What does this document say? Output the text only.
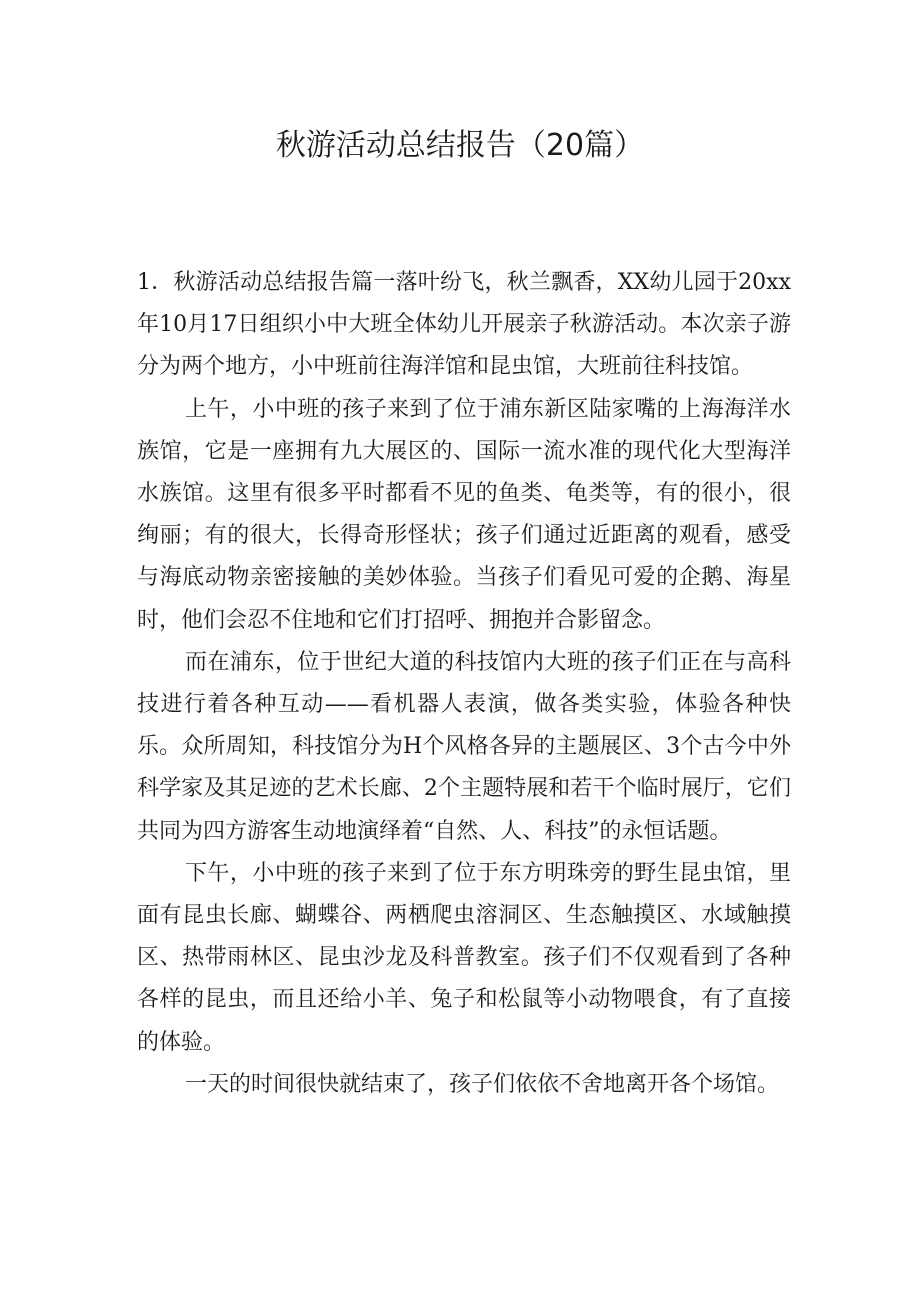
秋游活动总结报告（20篇）

1．秋游活动总结报告篇一落叶纷飞，秋兰飘香，XX幼儿园于20xx年10月17日组织小中大班全体幼儿开展亲子秋游活动。本次亲子游分为两个地方，小中班前往海洋馆和昆虫馆，大班前往科技馆。

上午，小中班的孩子来到了位于浦东新区陆家嘴的上海海洋水族馆，它是一座拥有九大展区的、国际一流水准的现代化大型海洋水族馆。这里有很多平时都看不见的鱼类、龟类等，有的很小，很绚丽；有的很大，长得奇形怪状；孩子们通过近距离的观看，感受与海底动物亲密接触的美妙体验。当孩子们看见可爱的企鹅、海星时，他们会忍不住地和它们打招呼、拥抱并合影留念。

而在浦东，位于世纪大道的科技馆内大班的孩子们正在与高科技进行着各种互动——看机器人表演，做各类实验，体验各种快乐。众所周知，科技馆分为H个风格各异的主题展区、3个古今中外科学家及其足迹的艺术长廊、2个主题特展和若干个临时展厅，它们共同为四方游客生动地演绎着“自然、人、科技”的永恒话题。

下午，小中班的孩子来到了位于东方明珠旁的野生昆虫馆，里面有昆虫长廊、蝴蝶谷、两栖爬虫溶洞区、生态触摸区、水域触摸区、热带雨林区、昆虫沙龙及科普教室。孩子们不仅观看到了各种各样的昆虫，而且还给小羊、兔子和松鼠等小动物喂食，有了直接的体验。

一天的时间很快就结束了，孩子们依依不舍地离开各个场馆。
